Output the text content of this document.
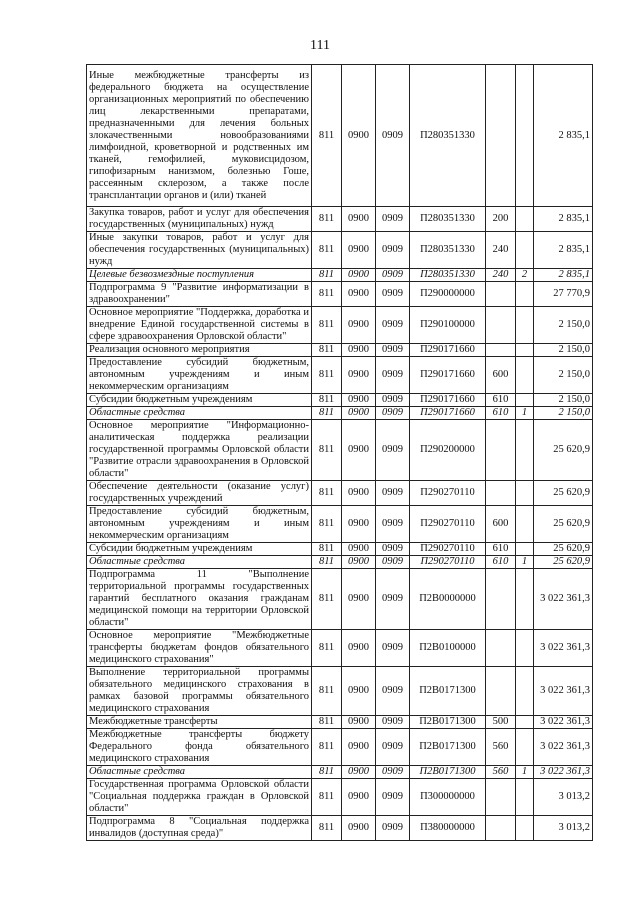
111
Иные межбюджетные трансферты из федерального бюджета на осуществление организационных мероприятий по обеспечению лиц лекарственными препаратами, предназначенными для лечения больных злокачественными новообразованиями лимфоидной, кроветворной и родственных им тканей, гемофилией, муковисцидозом, гипофизарным нанизмом, болезнью Гоше, рассеянным склерозом, а также после трансплантации органов и (или) тканей	811	0900	0909	П280351330			2 835,1
Закупка товаров, работ и услуг для обеспечения государственных (муниципальных) нужд	811	0900	0909	П280351330	200		2 835,1
Иные закупки товаров, работ и услуг для обеспечения государственных (муниципальных) нужд	811	0900	0909	П280351330	240		2 835,1
Целевые безвозмездные поступления	811	0900	0909	П280351330	240	2	2 835,1
Подпрограмма 9 "Развитие информатизации в здравоохранении"	811	0900	0909	П290000000			27 770,9
Основное мероприятие "Поддержка, доработка и внедрение Единой государственной системы в сфере здравоохранения Орловской области"	811	0900	0909	П290100000			2 150,0
Реализация основного мероприятия	811	0900	0909	П290171660			2 150,0
Предоставление субсидий бюджетным, автономным учреждениям и иным некоммерческим организациям	811	0900	0909	П290171660	600		2 150,0
Субсидии бюджетным учреждениям	811	0900	0909	П290171660	610		2 150,0
Областные средства	811	0900	0909	П290171660	610	1	2 150,0
Основное мероприятие "Информационно-аналитическая поддержка реализации государственной программы Орловской области "Развитие отрасли здравоохранения в Орловской области"	811	0900	0909	П290200000			25 620,9
Обеспечение деятельности (оказание услуг) государственных учреждений	811	0900	0909	П290270110			25 620,9
Предоставление субсидий бюджетным, автономным учреждениям и иным некоммерческим организациям	811	0900	0909	П290270110	600		25 620,9
Субсидии бюджетным учреждениям	811	0900	0909	П290270110	610		25 620,9
Областные средства	811	0900	0909	П290270110	610	1	25 620,9
Подпрограмма 11 "Выполнение территориальной программы государственных гарантий бесплатного оказания гражданам медицинской помощи на территории Орловской области"	811	0900	0909	П2В0000000			3 022 361,3
Основное мероприятие "Межбюджетные трансферты бюджетам фондов обязательного медицинского страхования"	811	0900	0909	П2В0100000			3 022 361,3
Выполнение территориальной программы обязательного медицинского страхования в рамках базовой программы обязательного медицинского страхования	811	0900	0909	П2В0171300			3 022 361,3
Межбюджетные трансферты	811	0900	0909	П2В0171300	500		3 022 361,3
Межбюджетные трансферты бюджету Федерального фонда обязательного медицинского страхования	811	0900	0909	П2В0171300	560		3 022 361,3
Областные средства	811	0900	0909	П2В0171300	560	1	3 022 361,3
Государственная программа Орловской области "Социальная поддержка граждан в Орловской области"	811	0900	0909	П300000000			3 013,2
Подпрограмма 8 "Социальная поддержка инвалидов (доступная среда)"	811	0900	0909	П380000000			3 013,2
